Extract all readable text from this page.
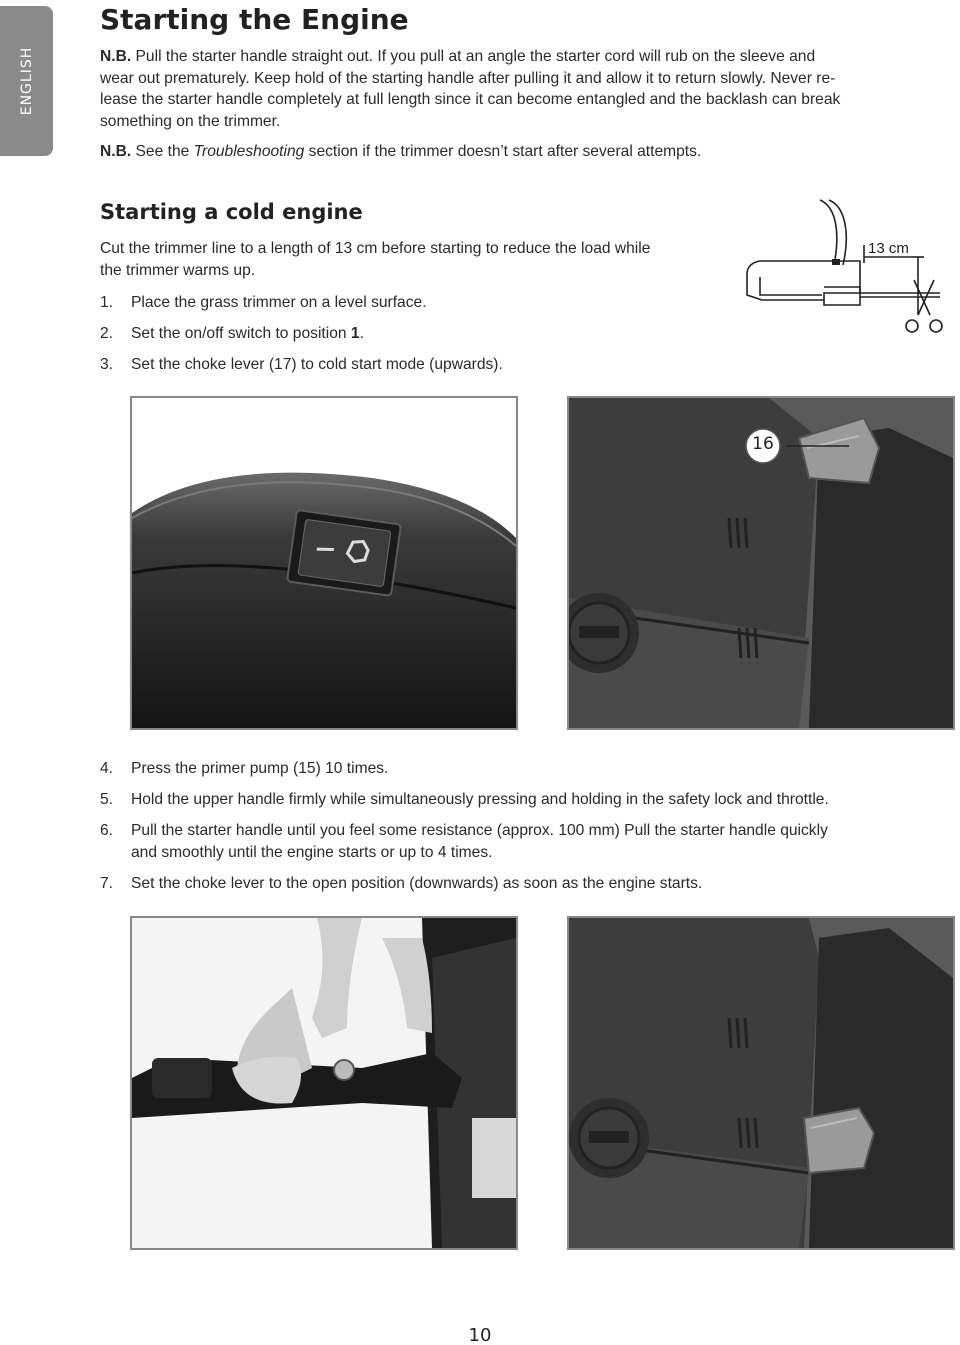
ENGLISH
Starting the Engine
N.B. Pull the starter handle straight out. If you pull at an angle the starter cord will rub on the sleeve and
wear out prematurely. Keep hold of the starting handle after pulling it and allow it to return slowly. Never re-
lease the starter handle completely at full length since it can become entangled and the backlash can break
something on the trimmer.
N.B. See the Troubleshooting section if the trimmer doesn’t start after several attempts.
Starting a cold engine
Cut the trimmer line to a length of 13 cm before starting to reduce the load while
the trimmer warms up.
13 cm
1. Place the grass trimmer on a level surface.
2. Set the on/off switch to position 1.
3. Set the choke lever (17) to cold start mode (upwards).
16
4. Press the primer pump (15) 10 times.
5. Hold the upper handle firmly while simultaneously pressing and holding in the safety lock and throttle.
6. Pull the starter handle until you feel some resistance (approx. 100 mm) Pull the starter handle quickly
and smoothly until the engine starts or up to 4 times.
7. Set the choke lever to the open position (downwards) as soon as the engine starts.
10
